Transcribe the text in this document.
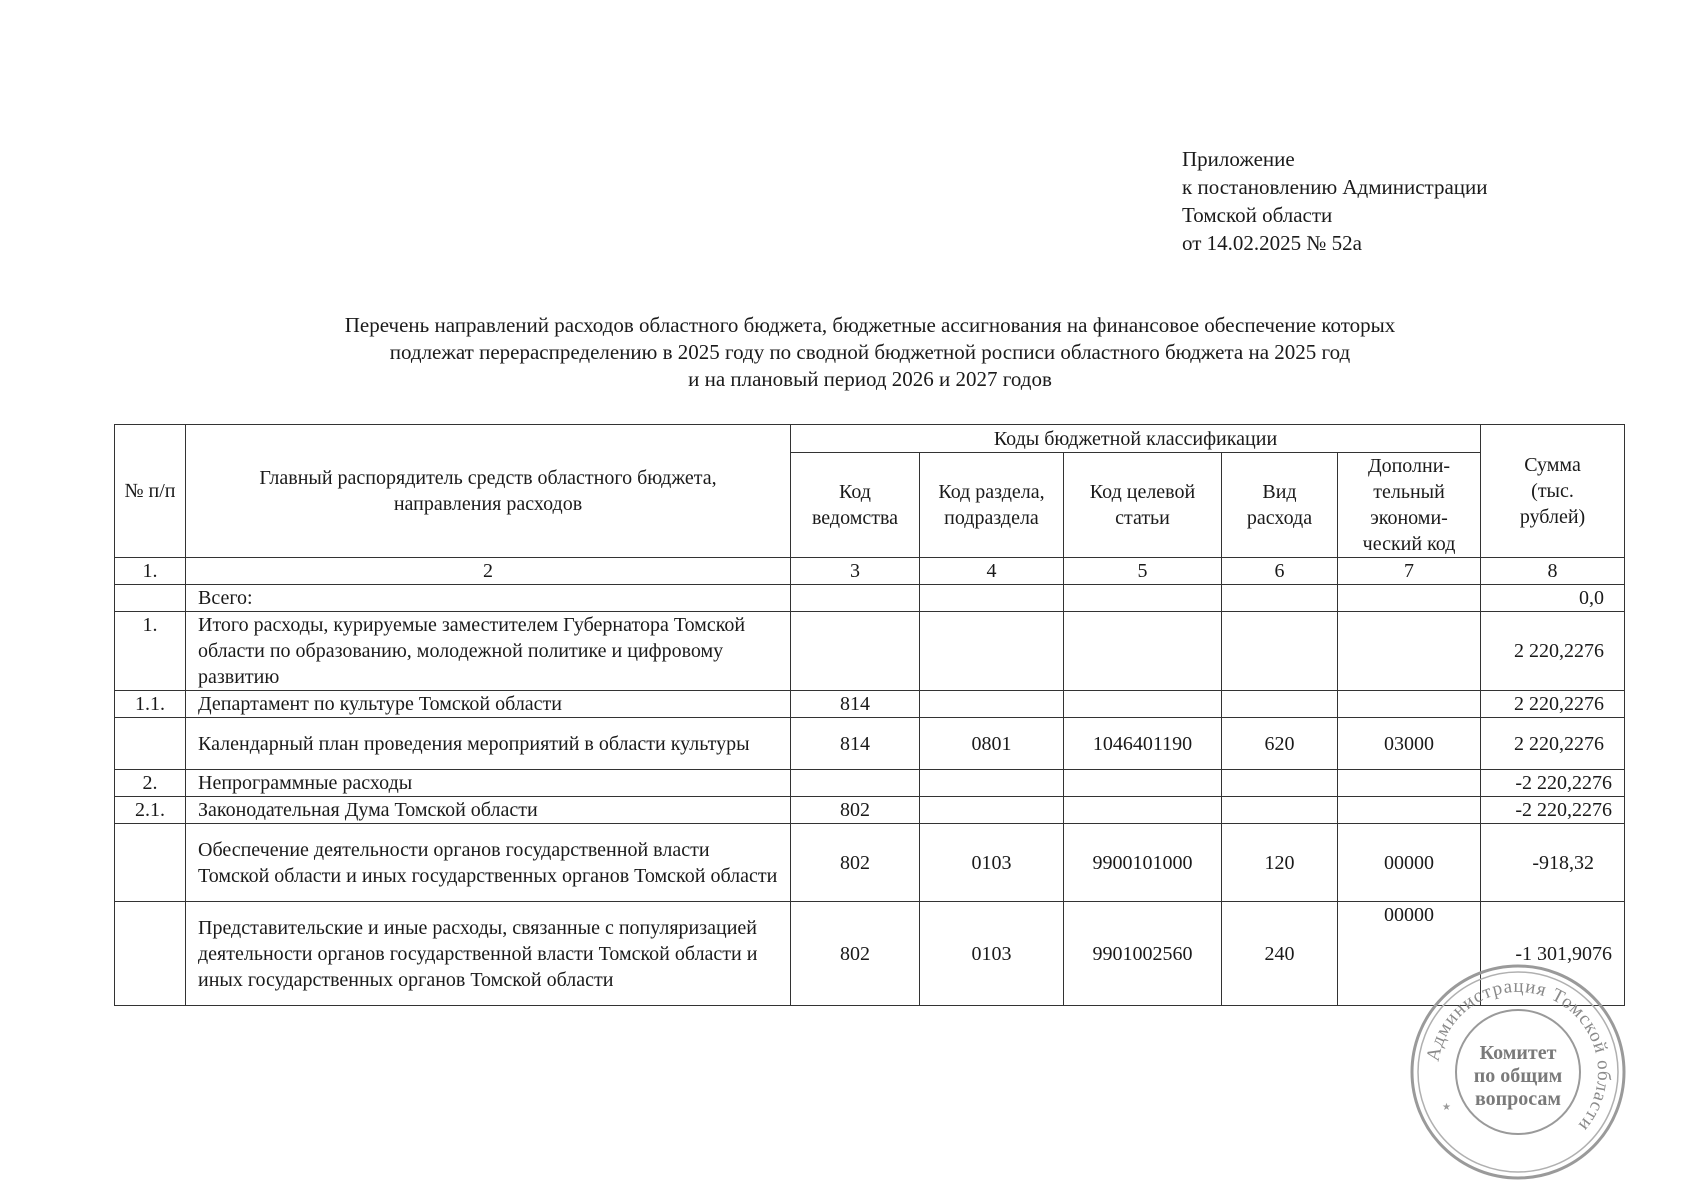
Приложение
к постановлению Администрации
Томской области
от 14.02.2025 № 52а
Перечень направлений расходов областного бюджета, бюджетные ассигнования на финансовое обеспечение которых
подлежат перераспределению в 2025 году по сводной бюджетной росписи областного бюджета на 2025 год
и на плановый период 2026 и 2027 годов
№ п/п	Главный распорядитель средств областного бюджета, направления расходов	Коды бюджетной классификации					Сумма (тыс. рублей)
		Код ведомства	Код раздела, подраздела	Код целевой статьи	Вид расхода	Дополни-тельный экономи-ческий код	
1.	2	3	4	5	6	7	8
	Всего:						0,0
1.	Итого расходы, курируемые заместителем Губернатора Томской области по образованию, молодежной политике и цифровому развитию						2 220,2276
1.1.	Департамент по культуре Томской области	814					2 220,2276
	Календарный план проведения мероприятий в области культуры	814	0801	1046401190	620	03000	2 220,2276
2.	Непрограммные расходы						-2 220,2276
2.1.	Законодательная Дума Томской области	802					-2 220,2276
	Обеспечение деятельности органов государственной власти Томской области и иных государственных органов Томской области	802	0103	9900101000	120	00000	-918,32
	Представительские и иные расходы, связанные с популяризацией деятельности органов государственной власти Томской области и иных государственных органов Томской области	802	0103	9901002560	240	00000	-1 301,9076
Администрация Томской области
Комитет
по общим
вопросам
★
